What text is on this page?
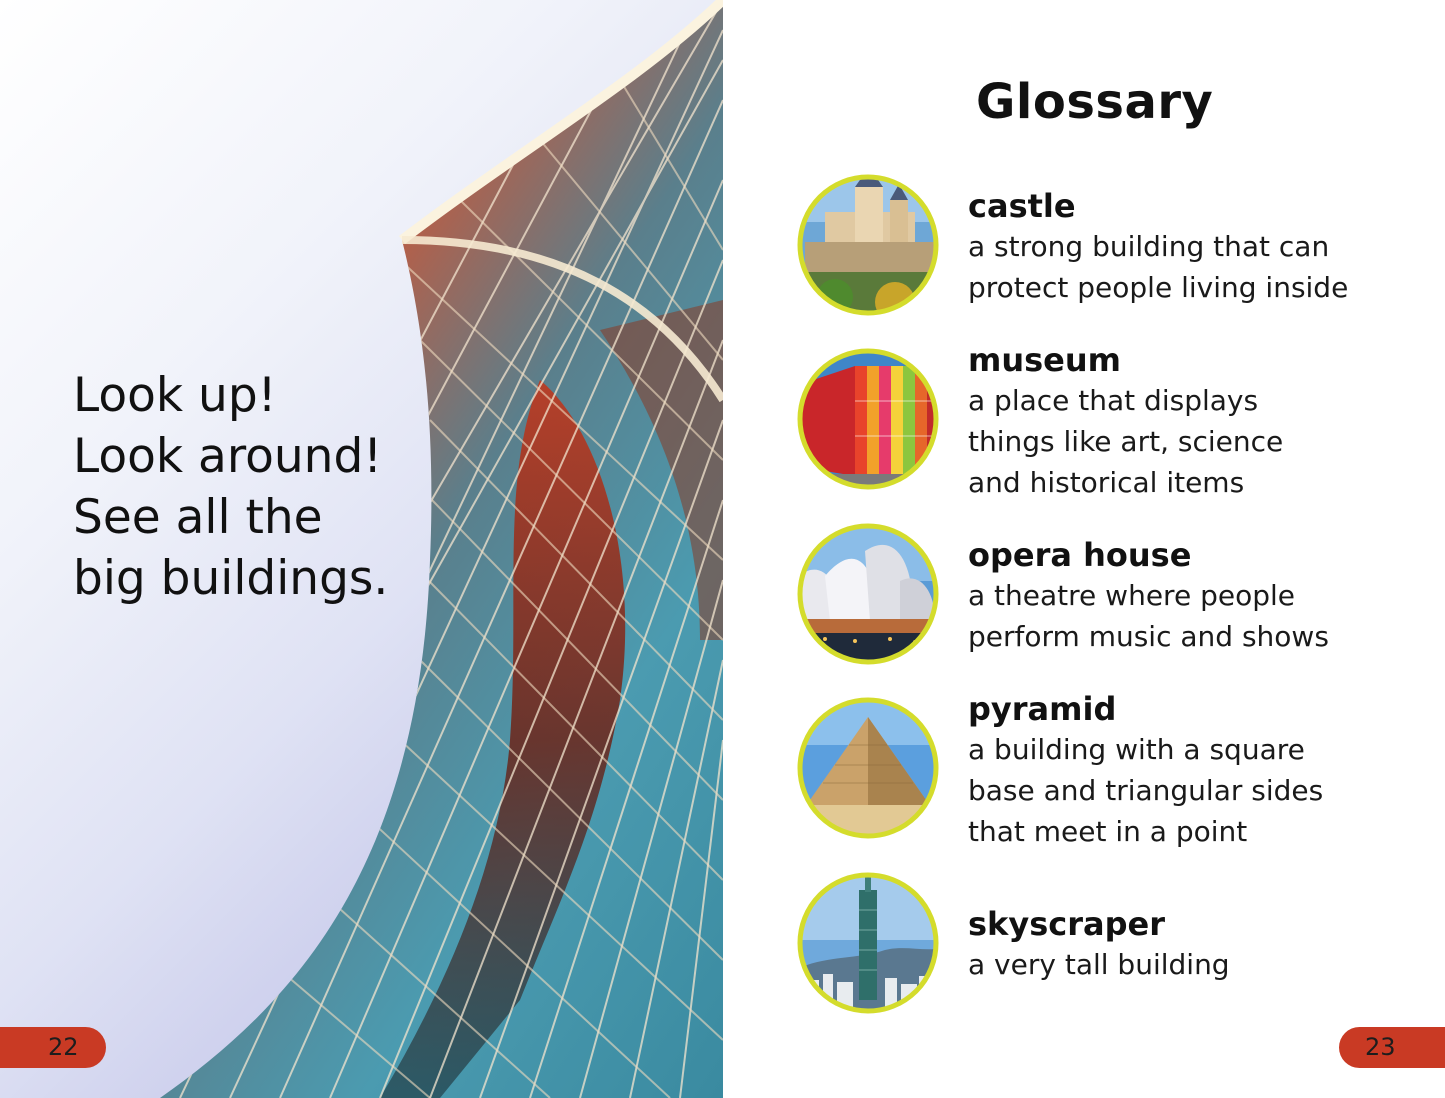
Look up!
Look around!
See all the
big buildings.

22
Glossary
castle
a strong building that can
protect people living inside
museum
a place that displays
things like art, science
and historical items
opera house
a theatre where people
perform music and shows
pyramid
a building with a square
base and triangular sides
that meet in a point
skyscraper
a very tall building
23
